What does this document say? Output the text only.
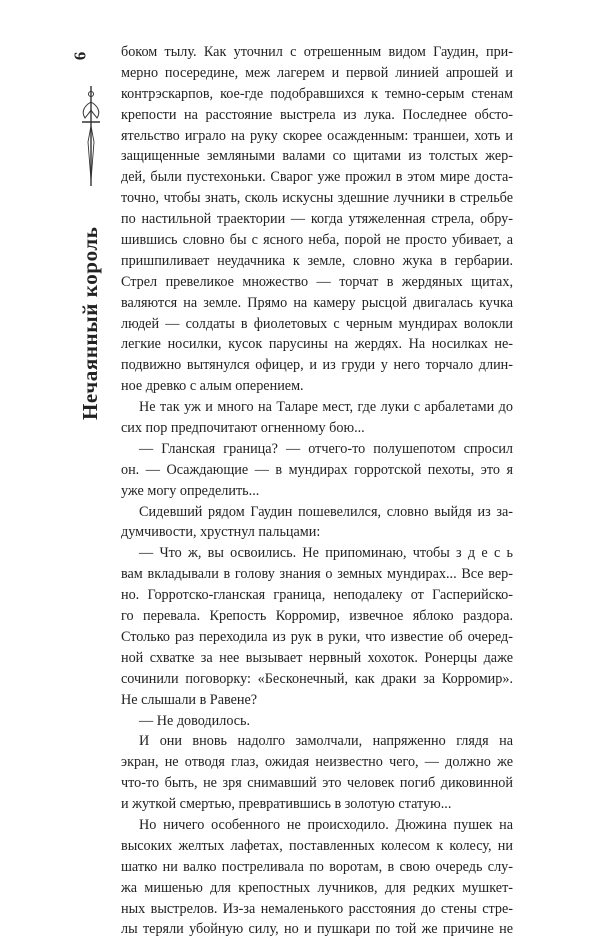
6
Нечаянный король
боком тылу. Как уточнил с отрешенным видом Гаудин, при-
мерно посередине, меж лагерем и первой линией апрошей и
контрэскарпов, кое-где подобравшихся к темно-серым стенам
крепости на расстояние выстрела из лука. Последнее обсто-
ятельство играло на руку скорее осажденным: траншеи, хоть и
защищенные земляными валами со щитами из толстых жер-
дей, были пустехоньки. Сварог уже прожил в этом мире доста-
точно, чтобы знать, сколь искусны здешние лучники в стрельбе
по настильной траектории — когда утяжеленная стрела, обру-
шившись словно бы с ясного неба, порой не просто убивает, а
пришпиливает неудачника к земле, словно жука в гербарии.
Стрел превеликое множество — торчат в жердяных щитах,
валяются на земле. Прямо на камеру рысцой двигалась кучка
людей — солдаты в фиолетовых с черным мундирах волокли
легкие носилки, кусок парусины на жердях. На носилках не-
подвижно вытянулся офицер, и из груди у него торчало длин-
ное древко с алым оперением.
Не так уж и много на Таларе мест, где луки с арбалетами до
сих пор предпочитают огненному бою...
— Гланская граница? — отчего-то полушепотом спросил
он. — Осаждающие — в мундирах горротской пехоты, это я
уже могу определить...
Сидевший рядом Гаудин пошевелился, словно выйдя из за-
думчивости, хрустнул пальцами:
— Что ж, вы освоились. Не припоминаю, чтобы з д е с ь
вам вкладывали в голову знания о земных мундирах... Все вер-
но. Горротско-гланская граница, неподалеку от Гасперийско-
го перевала. Крепость Корромир, извечное яблоко раздора.
Столько раз переходила из рук в руки, что известие об очеред-
ной схватке за нее вызывает нервный хохоток. Ронерцы даже
сочинили поговорку: «Бесконечный, как драки за Корромир».
Не слышали в Равене?
— Не доводилось.
И они вновь надолго замолчали, напряженно глядя на
экран, не отводя глаз, ожидая неизвестно чего, — должно же
что-то быть, не зря снимавший это человек погиб диковинной
и жуткой смертью, превратившись в золотую статую...
Но ничего особенного не происходило. Дюжина пушек на
высоких желтых лафетах, поставленных колесом к колесу, ни
шатко ни валко постреливала по воротам, в свою очередь слу-
жа мишенью для крепостных лучников, для редких мушкет-
ных выстрелов. Из-за немаленького расстояния до стены стре-
лы теряли убойную силу, но и пушкари по той же причине не
